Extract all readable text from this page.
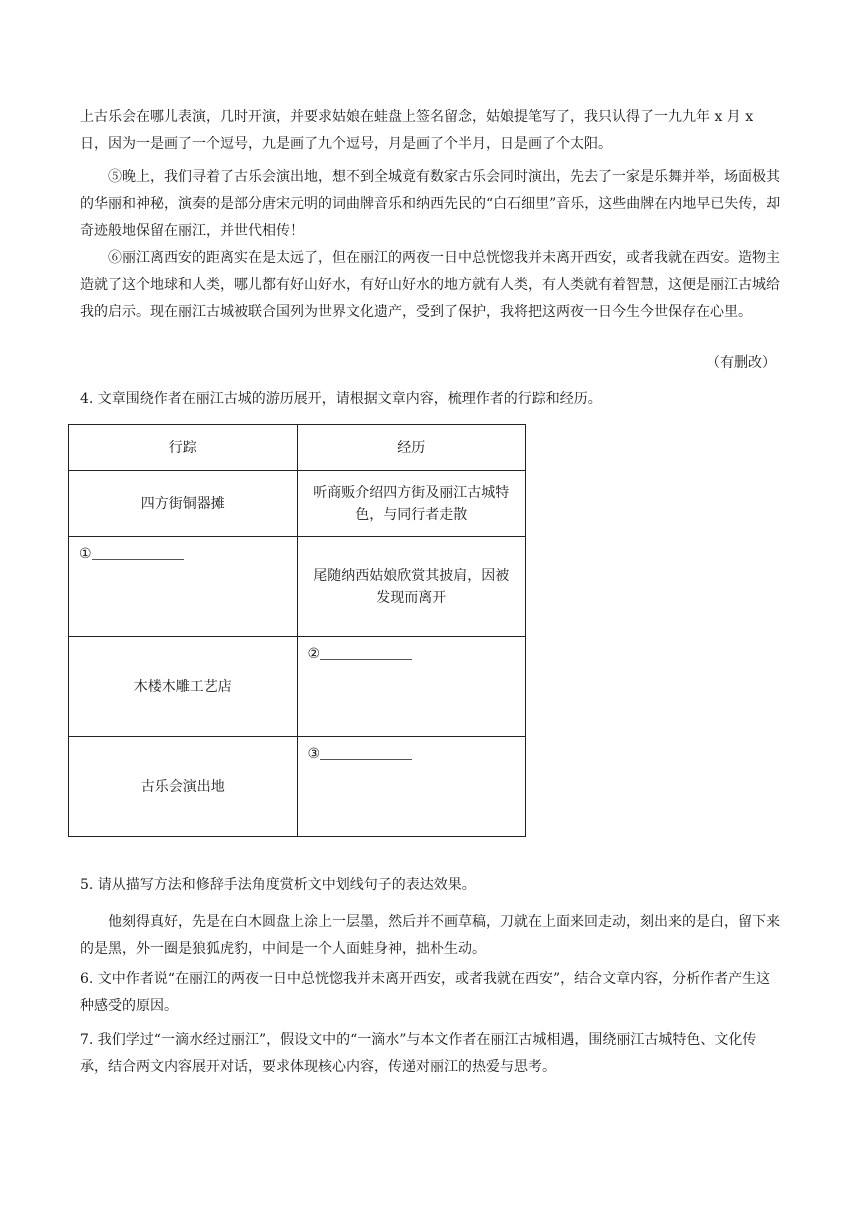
上古乐会在哪儿表演，几时开演，并要求姑娘在蛙盘上签名留念，姑娘提笔写了，我只认得了一九九年 x 月 x 日，因为一是画了一个逗号，九是画了九个逗号，月是画了个半月，日是画了个太阳。

⑤晚上，我们寻着了古乐会演出地，想不到全城竟有数家古乐会同时演出，先去了一家是乐舞并举，场面极其的华丽和神秘，演奏的是部分唐宋元明的词曲牌音乐和纳西先民的“白石细里”音乐，这些曲牌在内地早已失传，却奇迹般地保留在丽江，并世代相传！

⑥丽江离西安的距离实在是太远了，但在丽江的两夜一日中总恍惚我并未离开西安，或者我就在西安。造物主造就了这个地球和人类，哪儿都有好山好水，有好山好水的地方就有人类，有人类就有着智慧，这便是丽江古城给我的启示。现在丽江古城被联合国列为世界文化遗产，受到了保护，我将把这两夜一日今生今世保存在心里。

（有删改）

4. 文章围绕作者在丽江古城的游历展开，请根据文章内容，梳理作者的行踪和经历。

行踪	经历
四方街铜器摊	听商贩介绍四方街及丽江古城特色，与同行者走散
①	尾随纳西姑娘欣赏其披肩，因被发现而离开
木楼木雕工艺店	②
古乐会演出地	③

5. 请从描写方法和修辞手法角度赏析文中划线句子的表达效果。

他刻得真好，先是在白木圆盘上涂上一层墨，然后并不画草稿，刀就在上面来回走动，刻出来的是白，留下来的是黑，外一圈是狼狐虎豹，中间是一个人面蛙身神，拙朴生动。

6. 文中作者说“在丽江的两夜一日中总恍惚我并未离开西安，或者我就在西安”，结合文章内容，分析作者产生这种感受的原因。

7. 我们学过“一滴水经过丽江”，假设文中的“一滴水”与本文作者在丽江古城相遇，围绕丽江古城特色、文化传承，结合两文内容展开对话，要求体现核心内容，传递对丽江的热爱与思考。
